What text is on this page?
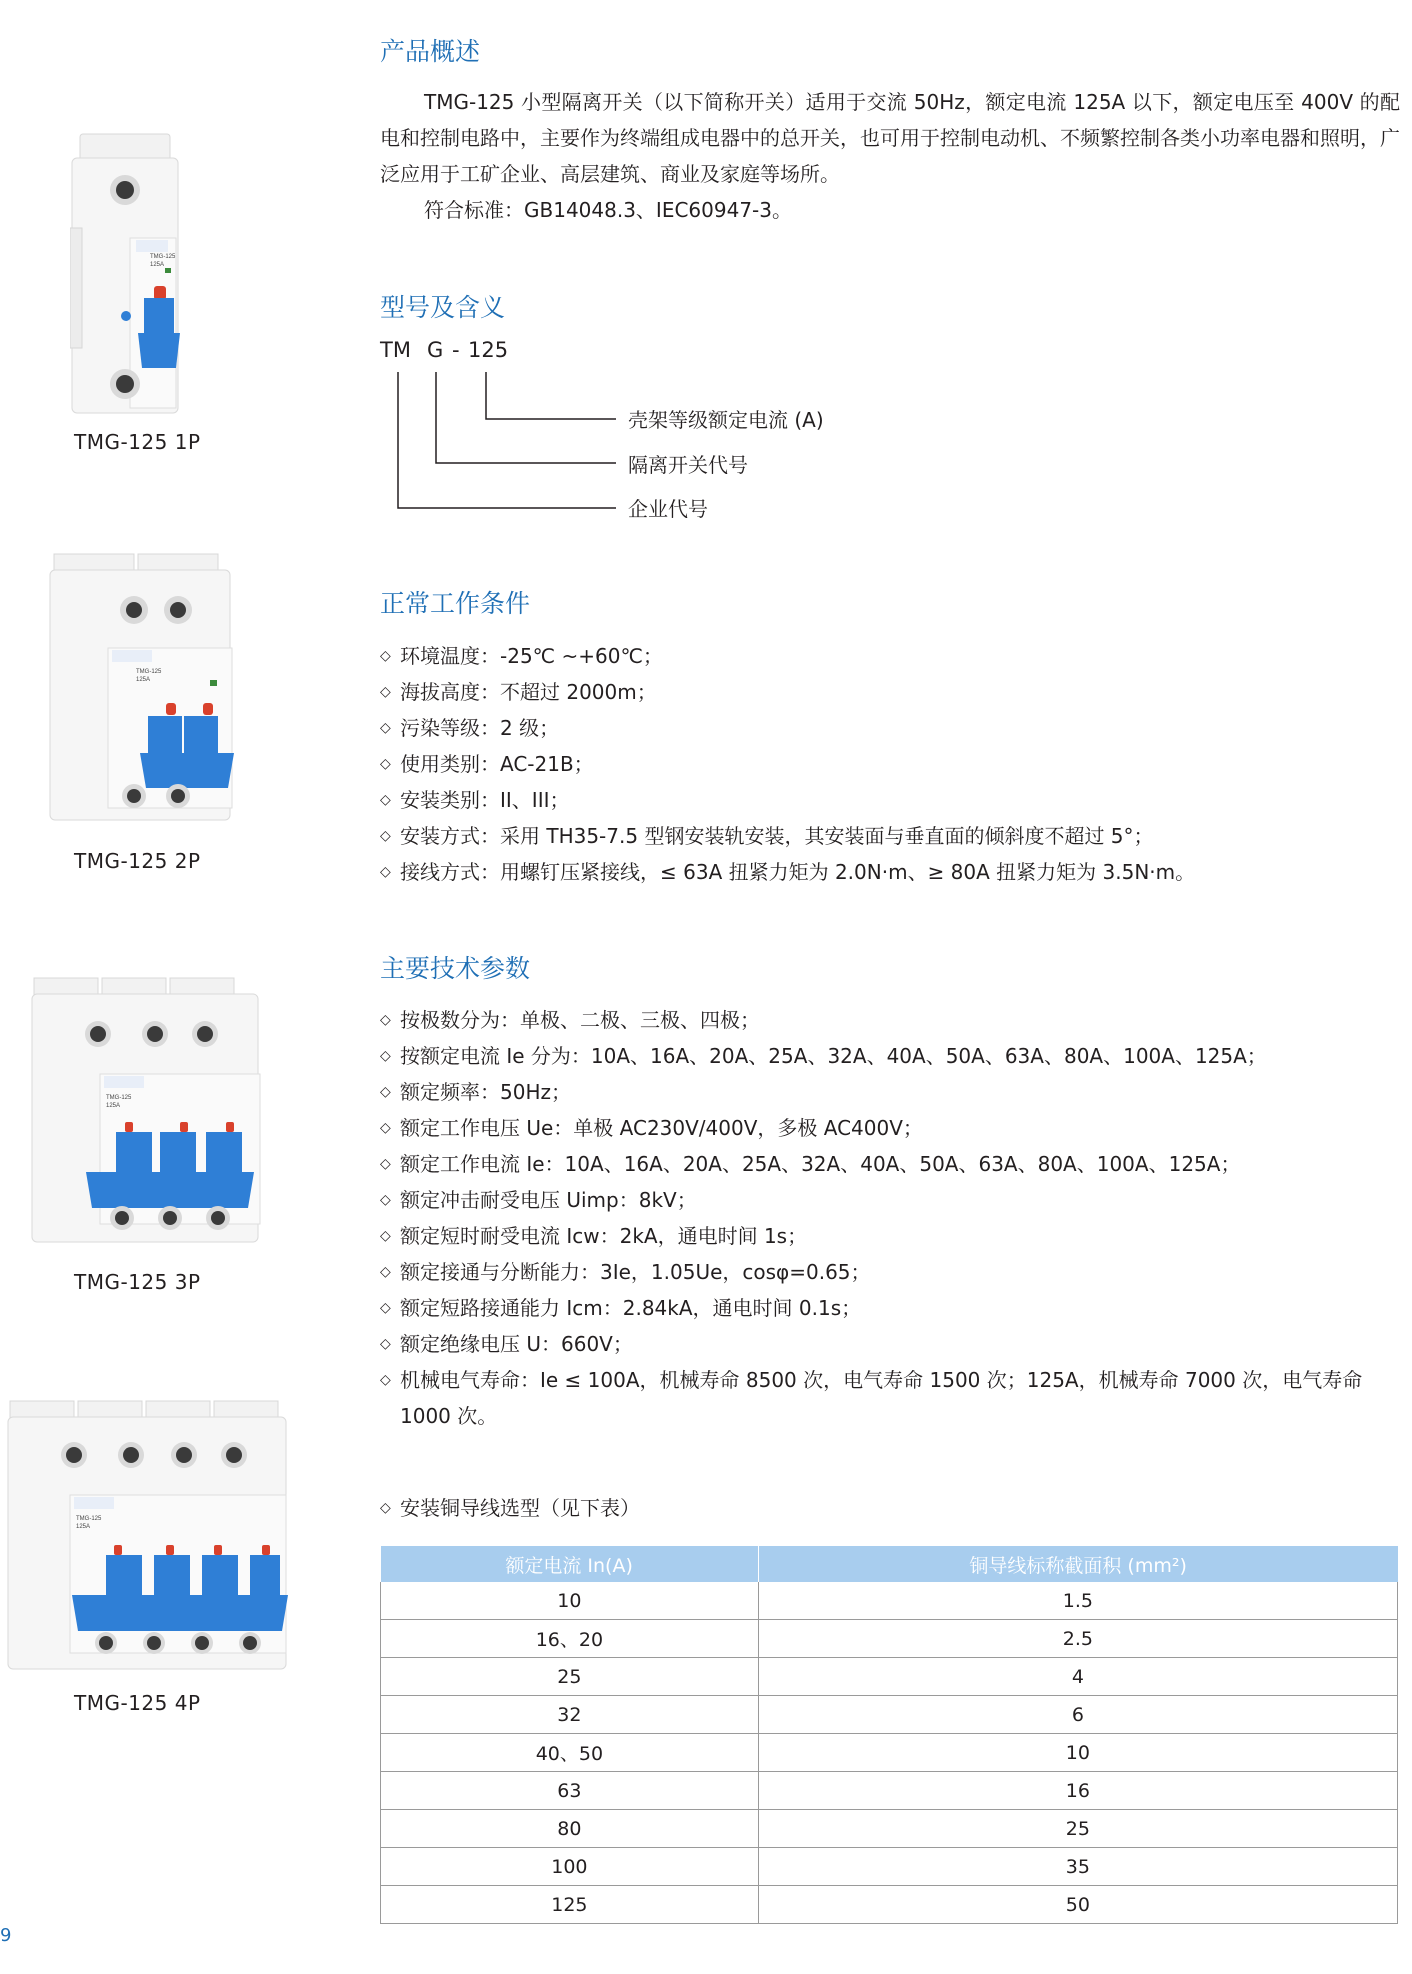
TMG-125
125A
TMG-125 1P
TMG-125
125A
TMG-125 2P
TMG-125
125A
TMG-125 3P
TMG-125
125A
TMG-125 4P
产品概述

TMG-125 小型隔离开关（以下简称开关）适用于交流 50Hz，额定电流 125A 以下，额定电压至 400V 的配电和控制电路中，主要作为终端组成电器中的总开关，也可用于控制电动机、不频繁控制各类小功率电器和照明，广泛应用于工矿企业、高层建筑、商业及家庭等场所。

符合标准：GB14048.3、IEC60947-3。

型号及含义
TM G - 125
壳架等级额定电流 (A)
隔离开关代号
企业代号
正常工作条件
◇ 环境温度：-25℃ ~+60℃；
◇ 海拔高度：不超过 2000m；
◇ 污染等级：2 级；
◇ 使用类别：AC-21B；
◇ 安装类别：II、III；
◇ 安装方式：采用 TH35-7.5 型钢安装轨安装，其安装面与垂直面的倾斜度不超过 5°；
◇ 接线方式：用螺钉压紧接线，≤ 63A 扭紧力矩为 2.0N·m、≥ 80A 扭紧力矩为 3.5N·m。
主要技术参数
◇ 按极数分为：单极、二极、三极、四极；
◇ 按额定电流 Ie 分为：10A、16A、20A、25A、32A、40A、50A、63A、80A、100A、125A；
◇ 额定频率：50Hz；
◇ 额定工作电压 Ue：单极 AC230V/400V，多极 AC400V；
◇ 额定工作电流 Ie：10A、16A、20A、25A、32A、40A、50A、63A、80A、100A、125A；
◇ 额定冲击耐受电压 Uimp：8kV；
◇ 额定短时耐受电流 Icw：2kA，通电时间 1s；
◇ 额定接通与分断能力：3Ie，1.05Ue，cosφ=0.65；
◇ 额定短路接通能力 Icm：2.84kA，通电时间 0.1s；
◇ 额定绝缘电压 U：660V；
◇ 机械电气寿命：Ie ≤ 100A，机械寿命 8500 次，电气寿命 1500 次；125A，机械寿命 7000 次，电气寿命 1000 次。
◇ 安装铜导线选型（见下表）
额定电流 In(A)	铜导线标称截面积 (mm²)
10	1.5
16、20	2.5
25	4
32	6
40、50	10
63	16
80	25
100	35
125	50
9
